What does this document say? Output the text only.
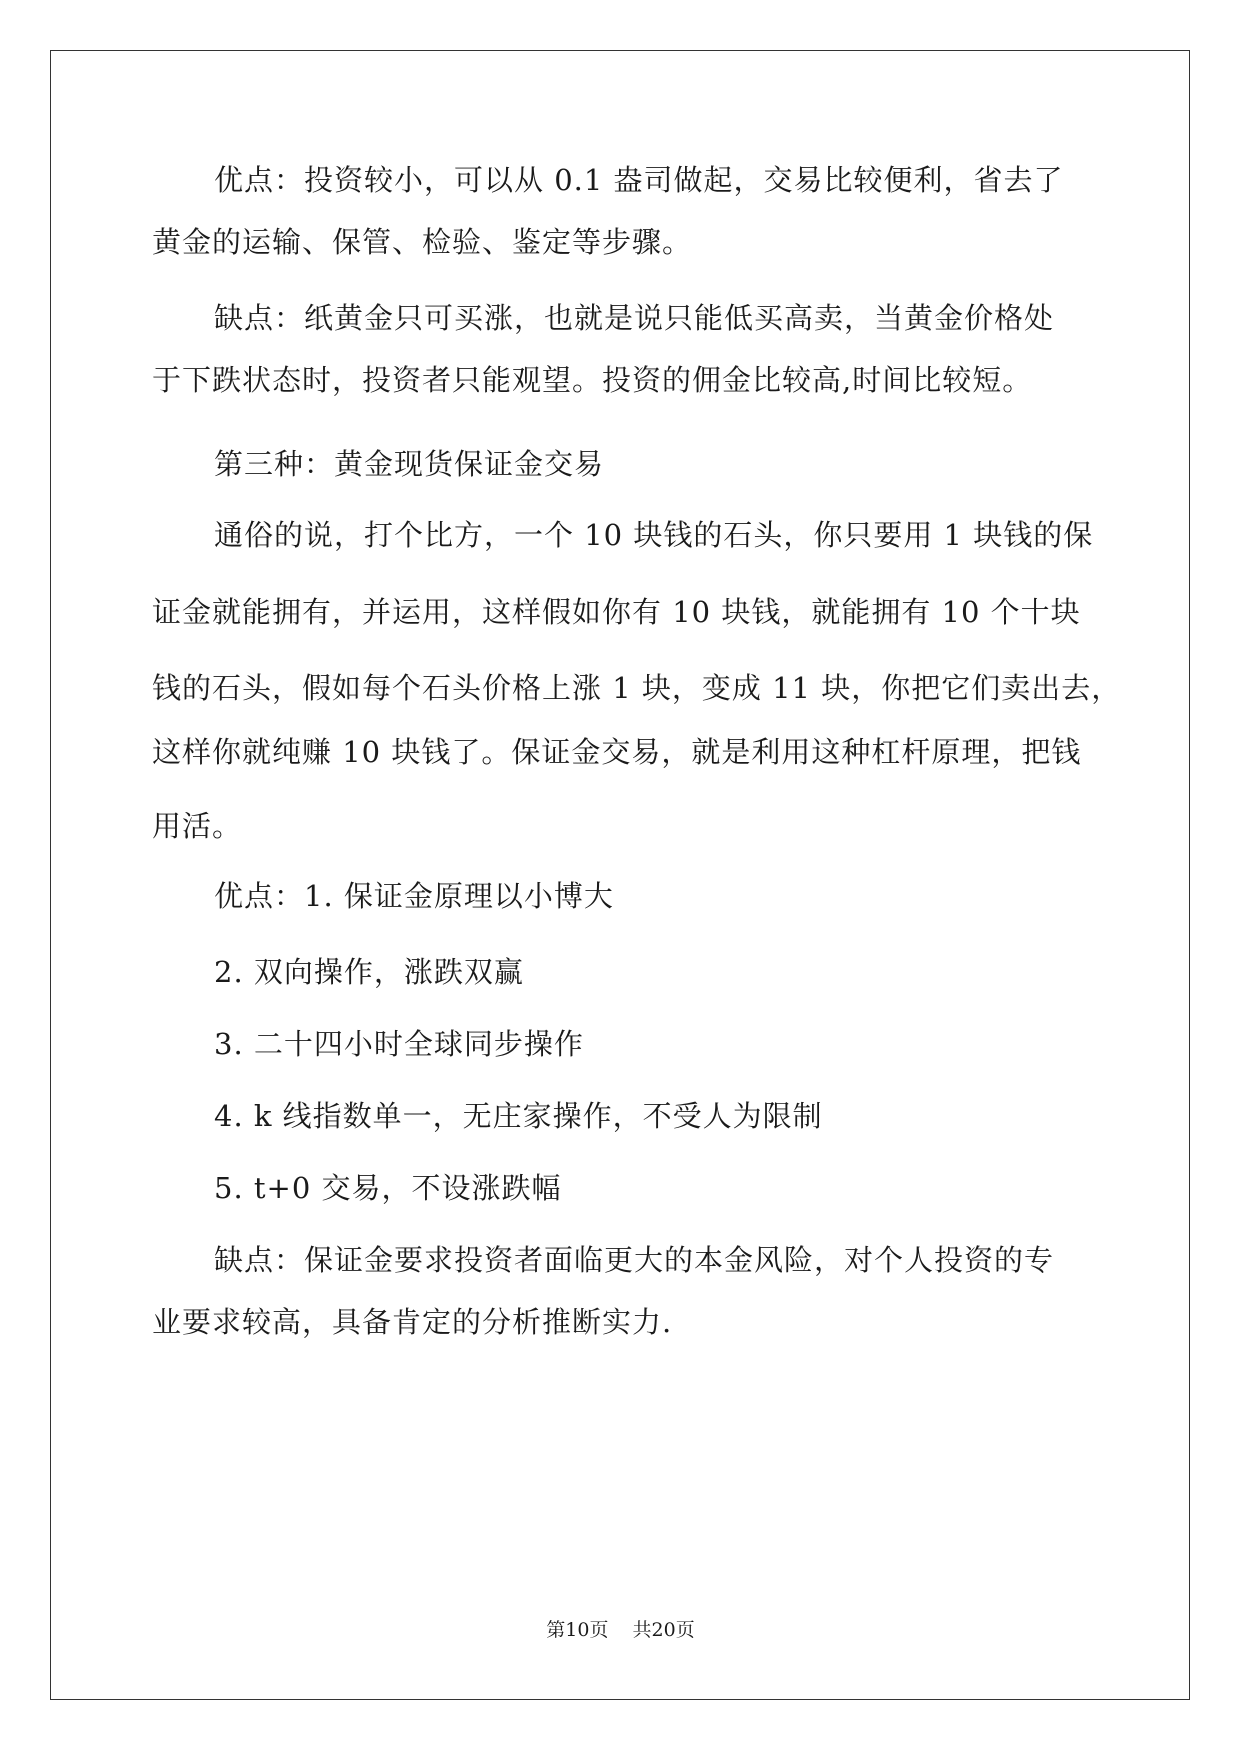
优点：投资较小，可以从 0.1 盎司做起，交易比较便利，省去了
黄金的运输、保管、检验、鉴定等步骤。
缺点：纸黄金只可买涨，也就是说只能低买高卖，当黄金价格处
于下跌状态时，投资者只能观望。投资的佣金比较高,时间比较短。
第三种：黄金现货保证金交易
通俗的说，打个比方，一个 10 块钱的石头，你只要用 1 块钱的保
证金就能拥有，并运用，这样假如你有 10 块钱，就能拥有 10 个十块
钱的石头，假如每个石头价格上涨 1 块，变成 11 块，你把它们卖出去，
这样你就纯赚 10 块钱了。保证金交易，就是利用这种杠杆原理，把钱
用活。
优点：1. 保证金原理以小博大
2. 双向操作，涨跌双赢
3. 二十四小时全球同步操作
4. k 线指数单一，无庄家操作，不受人为限制
5. t+0 交易，不设涨跌幅
缺点：保证金要求投资者面临更大的本金风险，对个人投资的专
业要求较高，具备肯定的分析推断实力.
第10页 共20页
